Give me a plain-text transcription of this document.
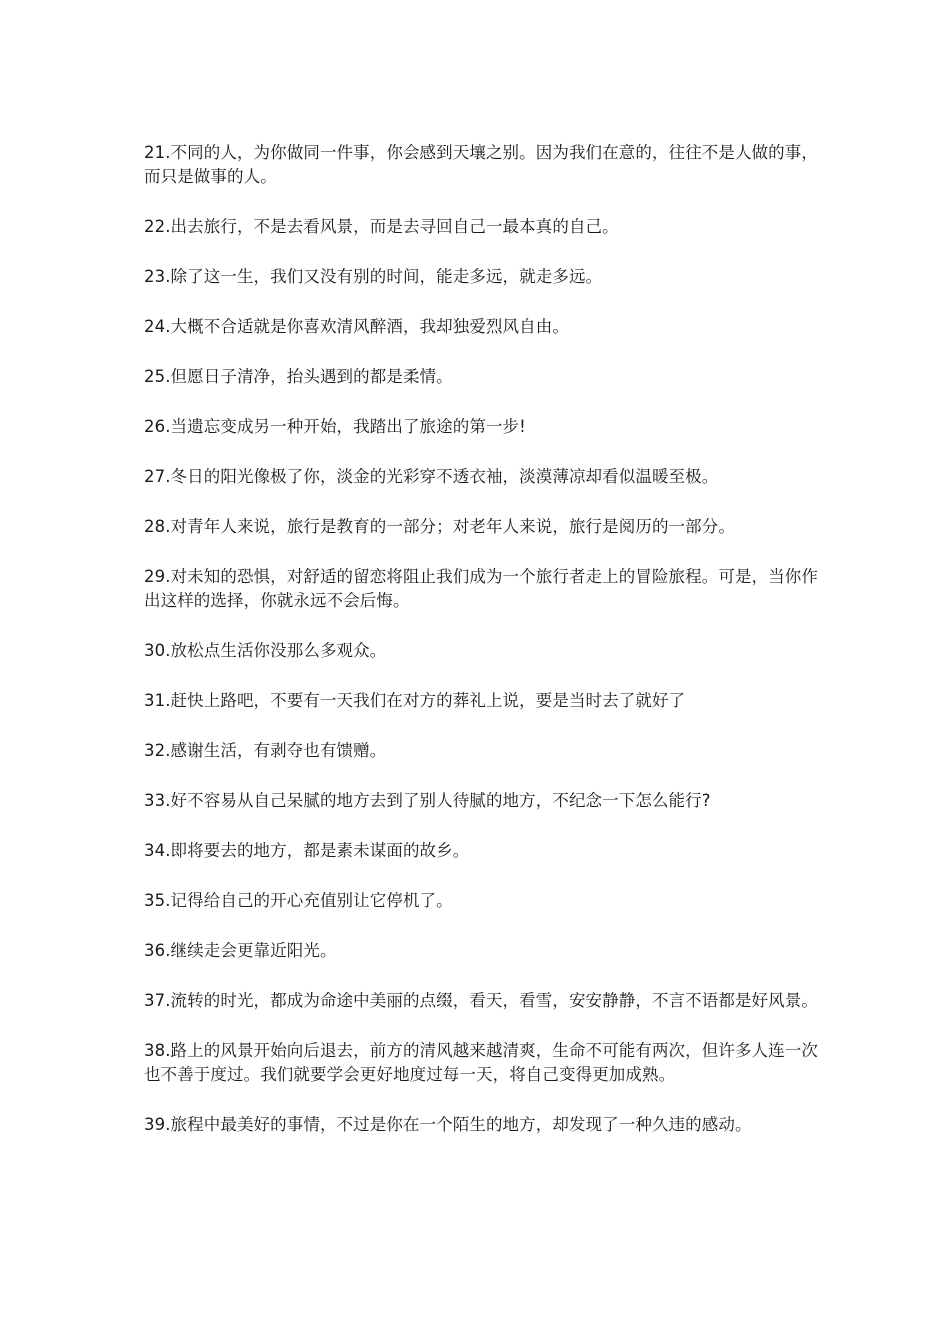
21.不同的人，为你做同一件事，你会感到天壤之别。因为我们在意的，往往不是人做的事，而只是做事的人。

22.出去旅行，不是去看风景，而是去寻回自己一最本真的自己。

23.除了这一生，我们又没有别的时间，能走多远，就走多远。

24.大概不合适就是你喜欢清风醉酒，我却独爱烈风自由。

25.但愿日子清净，抬头遇到的都是柔情。

26.当遗忘变成另一种开始，我踏出了旅途的第一步!

27.冬日的阳光像极了你，淡金的光彩穿不透衣袖，淡漠薄凉却看似温暖至极。

28.对青年人来说，旅行是教育的一部分；对老年人来说，旅行是阅历的一部分。

29.对未知的恐惧，对舒适的留恋将阻止我们成为一个旅行者走上的冒险旅程。可是，当你作出这样的选择，你就永远不会后悔。

30.放松点生活你没那么多观众。

31.赶快上路吧，不要有一天我们在对方的葬礼上说，要是当时去了就好了

32.感谢生活，有剥夺也有馈赠。

33.好不容易从自己呆腻的地方去到了别人待腻的地方，不纪念一下怎么能行?

34.即将要去的地方，都是素未谋面的故乡。

35.记得给自己的开心充值别让它停机了。

36.继续走会更靠近阳光。

37.流转的时光，都成为命途中美丽的点缀，看天，看雪，安安静静，不言不语都是好风景。

38.路上的风景开始向后退去，前方的清风越来越清爽，生命不可能有两次，但许多人连一次也不善于度过。我们就要学会更好地度过每一天，将自己变得更加成熟。

39.旅程中最美好的事情，不过是你在一个陌生的地方，却发现了一种久违的感动。
